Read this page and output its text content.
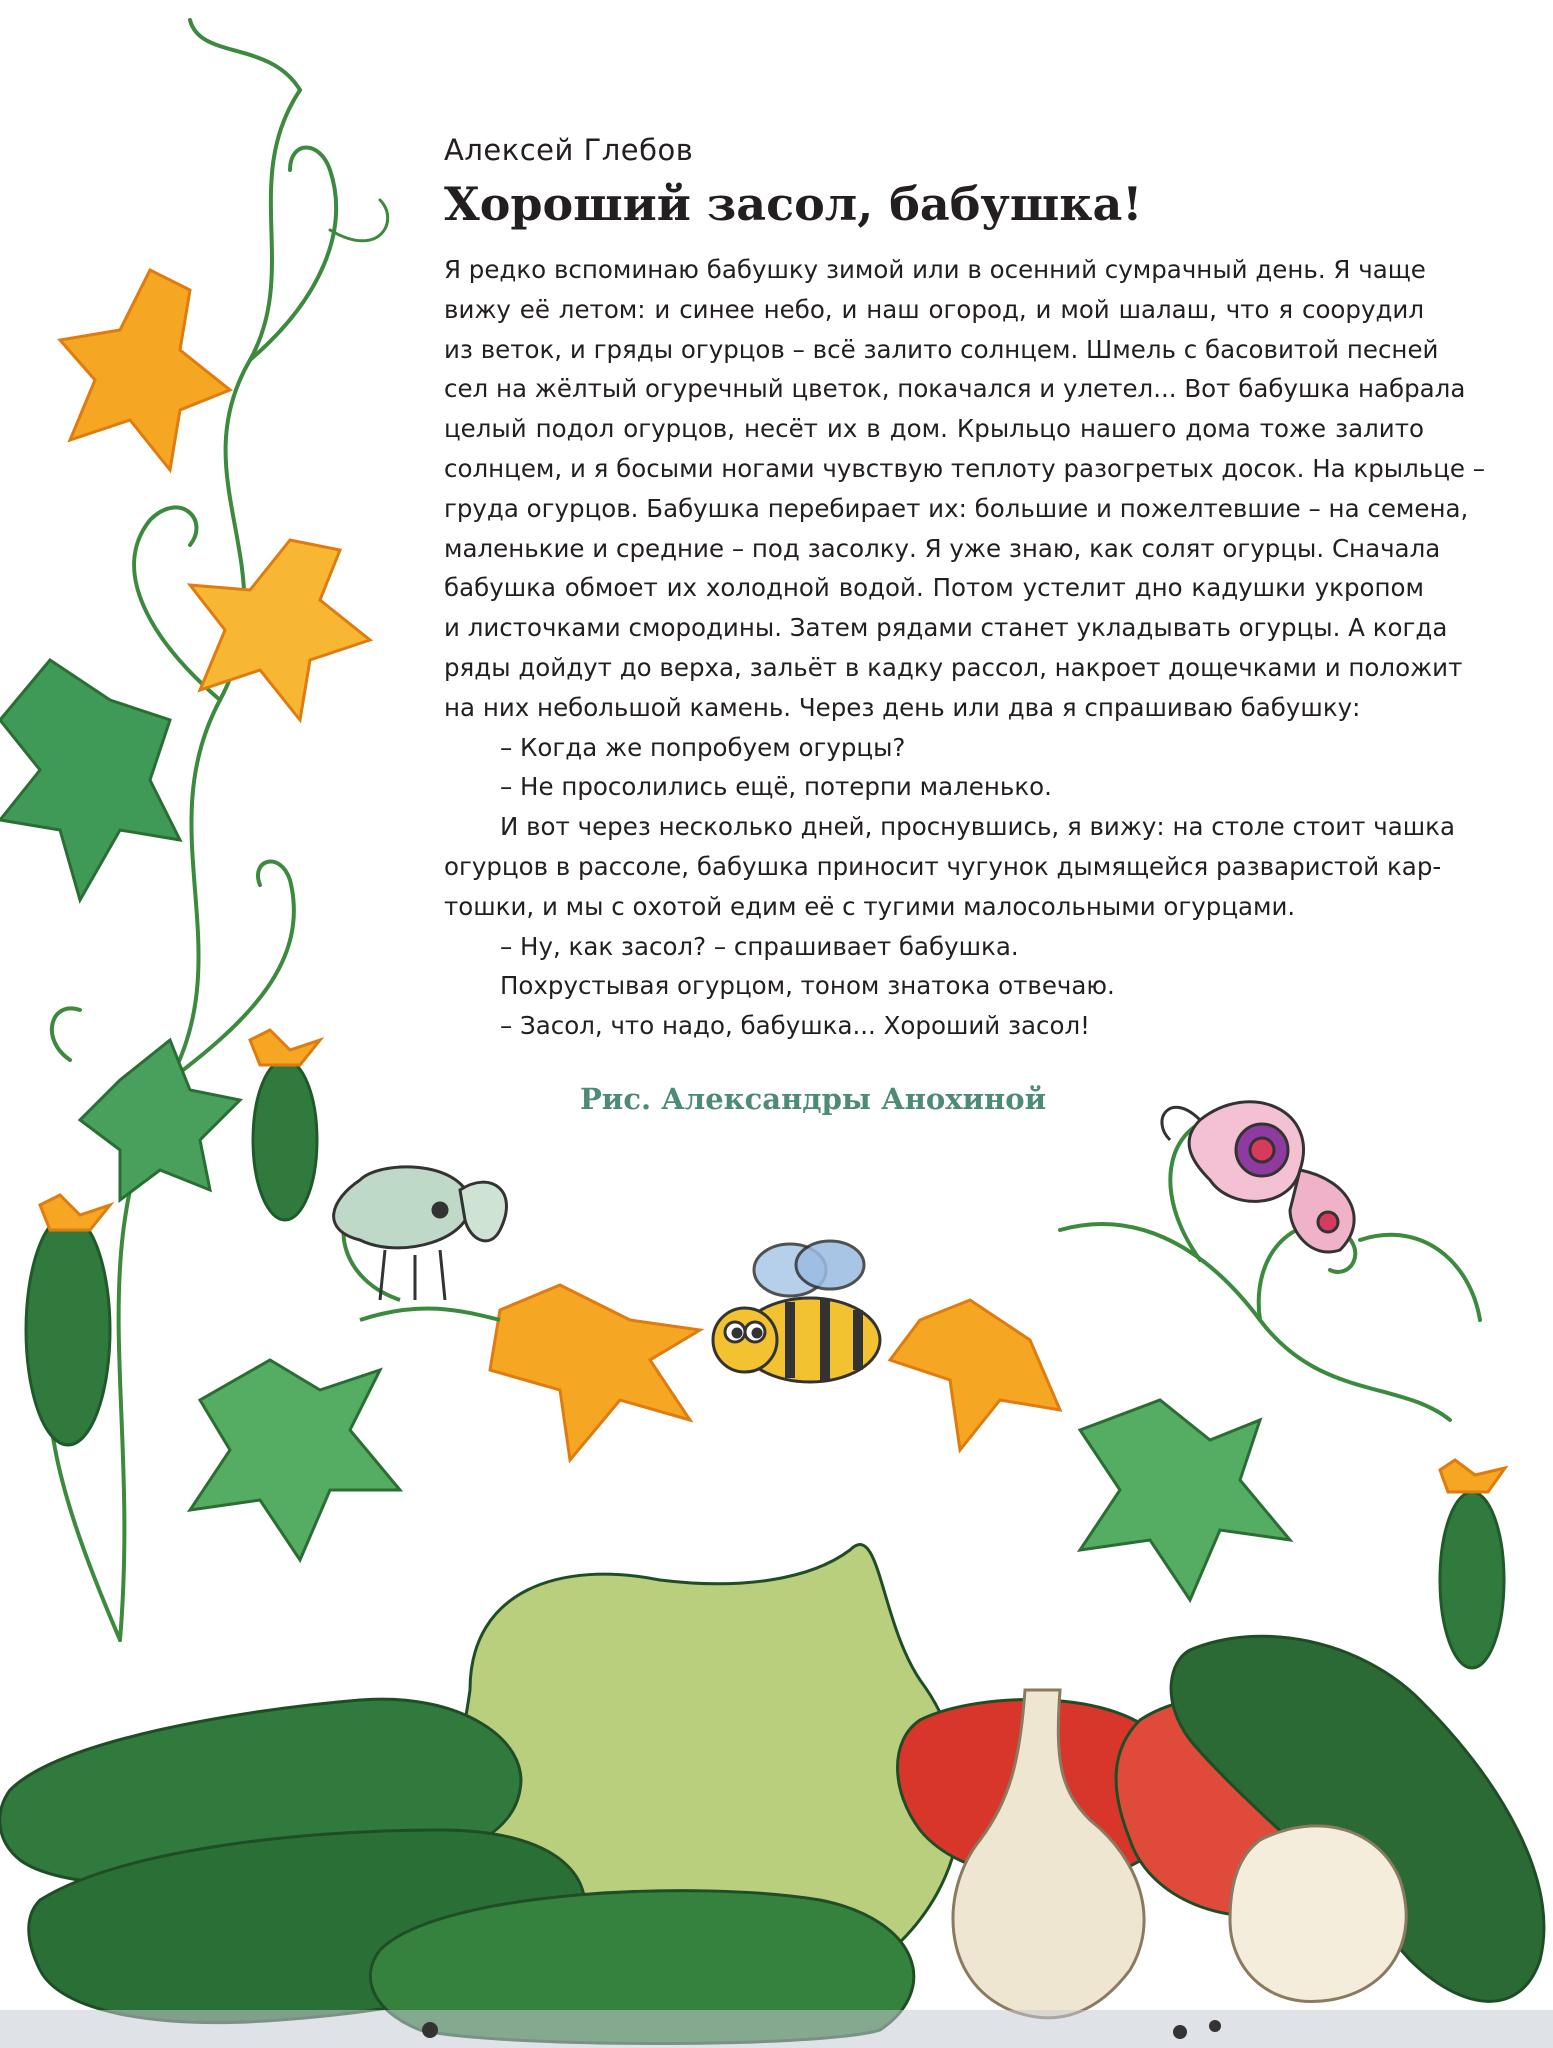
Алексей Глебов

Хороший засол, бабушка!
Я редко вспоминаю бабушку зимой или в осенний сумрачный день. Я чаще
вижу её летом: и синее небо, и наш огород, и мой шалаш, что я соорудил
из веток, и гряды огурцов – всё залито солнцем. Шмель с басовитой песней
сел на жёлтый огуречный цветок, покачался и улетел... Вот бабушка набрала
целый подол огурцов, несёт их в дом. Крыльцо нашего дома тоже залито
солнцем, и я босыми ногами чувствую теплоту разогретых досок. На крыльце –
груда огурцов. Бабушка перебирает их: большие и пожелтевшие – на семена,
маленькие и средние – под засолку. Я уже знаю, как солят огурцы. Сначала
бабушка обмоет их холодной водой. Потом устелит дно кадушки укропом
и листочками смородины. Затем рядами станет укладывать огурцы. А когда
ряды дойдут до верха, зальёт в кадку рассол, накроет дощечками и положит
на них небольшой камень. Через день или два я спрашиваю бабушку:
– Когда же попробуем огурцы?
– Не просолились ещё, потерпи маленько.
И вот через несколько дней, проснувшись, я вижу: на столе стоит чашка
огурцов в рассоле, бабушка приносит чугунок дымящейся разваристой кар-
тошки, и мы с охотой едим её с тугими малосольными огурцами.
– Ну, как засол? – спрашивает бабушка.
Похрустывая огурцом, тоном знатока отвечаю.
– Засол, что надо, бабушка... Хороший засол!
Рис. Александры Анохиной
